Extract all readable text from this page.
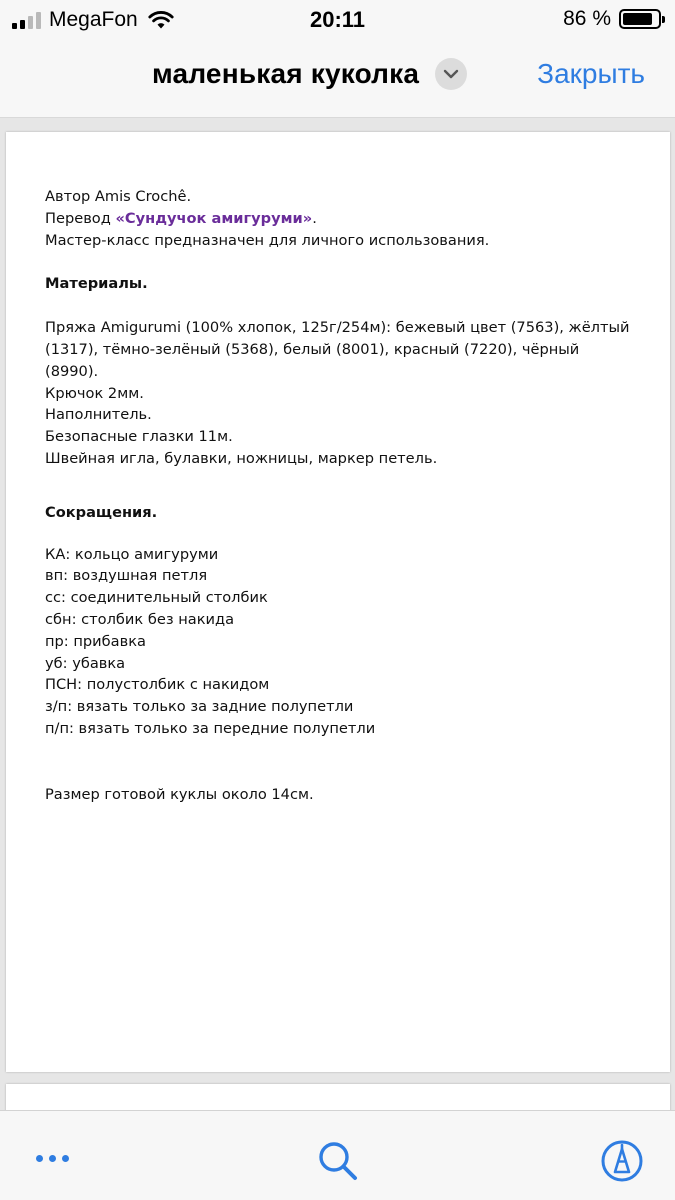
MegaFon	20:11	86 %
маленькая куколка	Закрыть

Автор Amis Crochê.

Перевод «Сундучок амигуруми».

Мастер-класс предназначен для личного использования.

Материалы.

Пряжа Amigurumi (100% хлопок, 125г/254м): бежевый цвет (7563), жёлтый (1317), тёмно-зелёный (5368), белый (8001), красный (7220), чёрный (8990).

Крючок 2мм.

Наполнитель.

Безопасные глазки 11м.

Швейная игла, булавки, ножницы, маркер петель.

Сокращения.

КА: кольцо амигуруми

вп: воздушная петля

сс: соединительный столбик

сбн: столбик без накида

пр: прибавка

уб: убавка

ПСН: полустолбик с накидом

з/п: вязать только за задние полупетли

п/п: вязать только за передние полупетли

Размер готовой куклы около 14см.
